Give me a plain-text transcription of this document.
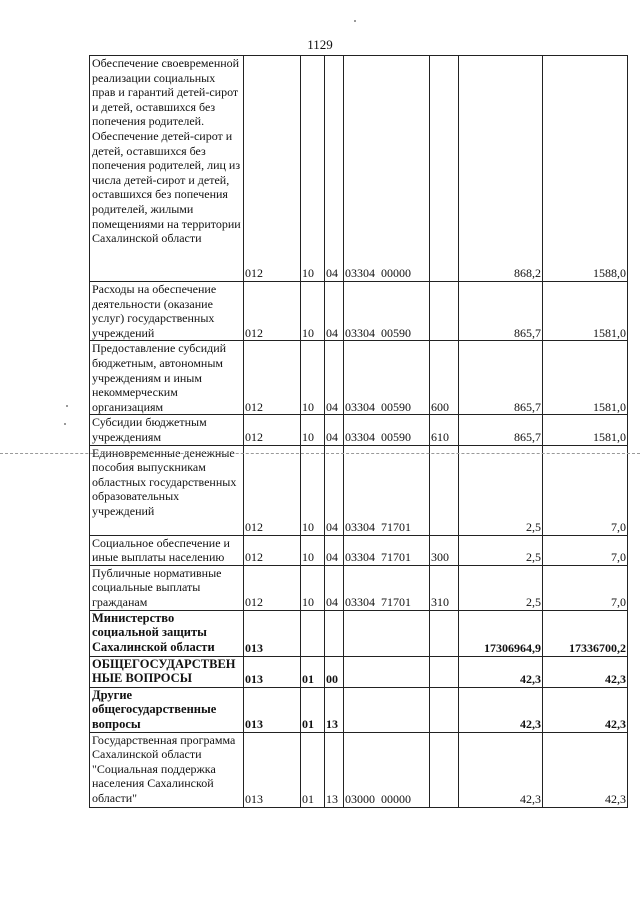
1129
Обеспечение своевременной реализации социальных прав и гарантий детей-сирот и детей, оставшихся без попечения родителей. Обеспечение детей-сирот и детей, оставшихся без попечения родителей, лиц из числа детей-сирот и детей, оставшихся без попечения родителей, жилыми помещениями на территории Сахалинской области	012	10	04	03304  00000		868,2	1588,0
Расходы на обеспечение деятельности (оказание услуг) государственных учреждений	012	10	04	03304  00590		865,7	1581,0
Предоставление субсидий бюджетным, автономным учреждениям и иным некоммерческим организациям	012	10	04	03304  00590	600	865,7	1581,0
Субсидии бюджетным учреждениям	012	10	04	03304  00590	610	865,7	1581,0
Единовременные денежные пособия выпускникам областных государственных образовательных учреждений	012	10	04	03304  71701		2,5	7,0
Социальное обеспечение и иные выплаты населению	012	10	04	03304  71701	300	2,5	7,0
Публичные нормативные социальные выплаты гражданам	012	10	04	03304  71701	310	2,5	7,0
Министерство социальной защиты Сахалинской области	013					17306964,9	17336700,2
ОБЩЕГОСУДАРСТВЕН НЫЕ ВОПРОСЫ	013	01	00			42,3	42,3
Другие общегосударственные вопросы	013	01	13			42,3	42,3
Государственная программа Сахалинской области "Социальная поддержка населения Сахалинской области"	013	01	13	03000  00000		42,3	42,3
